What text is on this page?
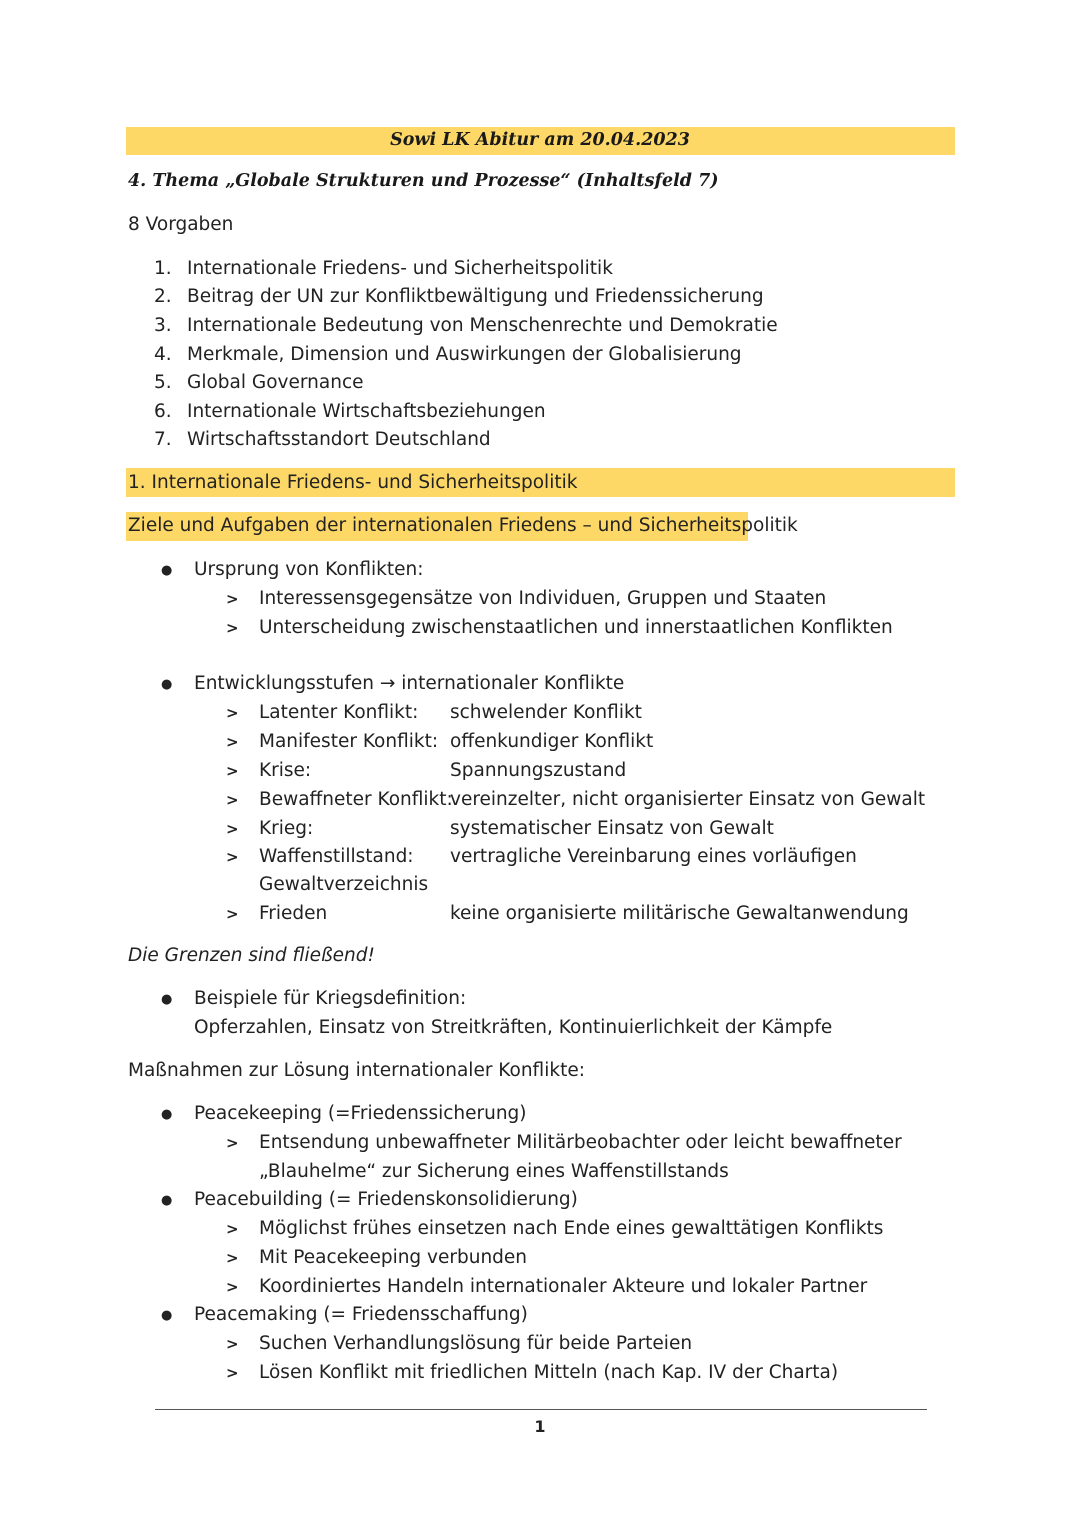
Sowi LK Abitur am 20.04.2023
4. Thema „Globale Strukturen und Prozesse“ (Inhaltsfeld 7)
8 Vorgaben
1. Internationale Friedens- und Sicherheitspolitik
2. Beitrag der UN zur Konfliktbewältigung und Friedenssicherung
3. Internationale Bedeutung von Menschenrechte und Demokratie
4. Merkmale, Dimension und Auswirkungen der Globalisierung
5. Global Governance
6. Internationale Wirtschaftsbeziehungen
7. Wirtschaftsstandort Deutschland
1. Internationale Friedens- und Sicherheitspolitik
Ziele und Aufgaben der internationalen Friedens – und Sicherheitspolitik
● Ursprung von Konflikten:
> Interessensgegensätze von Individuen, Gruppen und Staaten
> Unterscheidung zwischenstaatlichen und innerstaatlichen Konflikten
● Entwicklungsstufen → internationaler Konflikte
> Latenter Konflikt: schwelender Konflikt
> Manifester Konflikt: offenkundiger Konflikt
> Krise:	Spannungszustand
> Bewaffneter Konflikt:
vereinzelter, nicht organisierter Einsatz von Gewalt
> Krieg:	systematischer Einsatz von Gewalt
> Waffenstillstand: vertragliche Vereinbarung eines vorläufigen
Gewaltverzeichnis
> Frieden	keine organisierte militärische Gewaltanwendung
Die Grenzen sind fließend!
● Beispiele für Kriegsdefinition:
Opferzahlen, Einsatz von Streitkräften, Kontinuierlichkeit der Kämpfe
Maßnahmen zur Lösung internationaler Konflikte:
● Peacekeeping (=Friedenssicherung)
> Entsendung unbewaffneter Militärbeobachter oder leicht bewaffneter
„Blauhelme“ zur Sicherung eines Waffenstillstands
● Peacebuilding (= Friedenskonsolidierung)
> Möglichst frühes einsetzen nach Ende eines gewalttätigen Konflikts
> Mit Peacekeeping verbunden
> Koordiniertes Handeln internationaler Akteure und lokaler Partner
● Peacemaking (= Friedensschaffung)
> Suchen Verhandlungslösung für beide Parteien
> Lösen Konflikt mit friedlichen Mitteln (nach Kap. IV der Charta)
1
